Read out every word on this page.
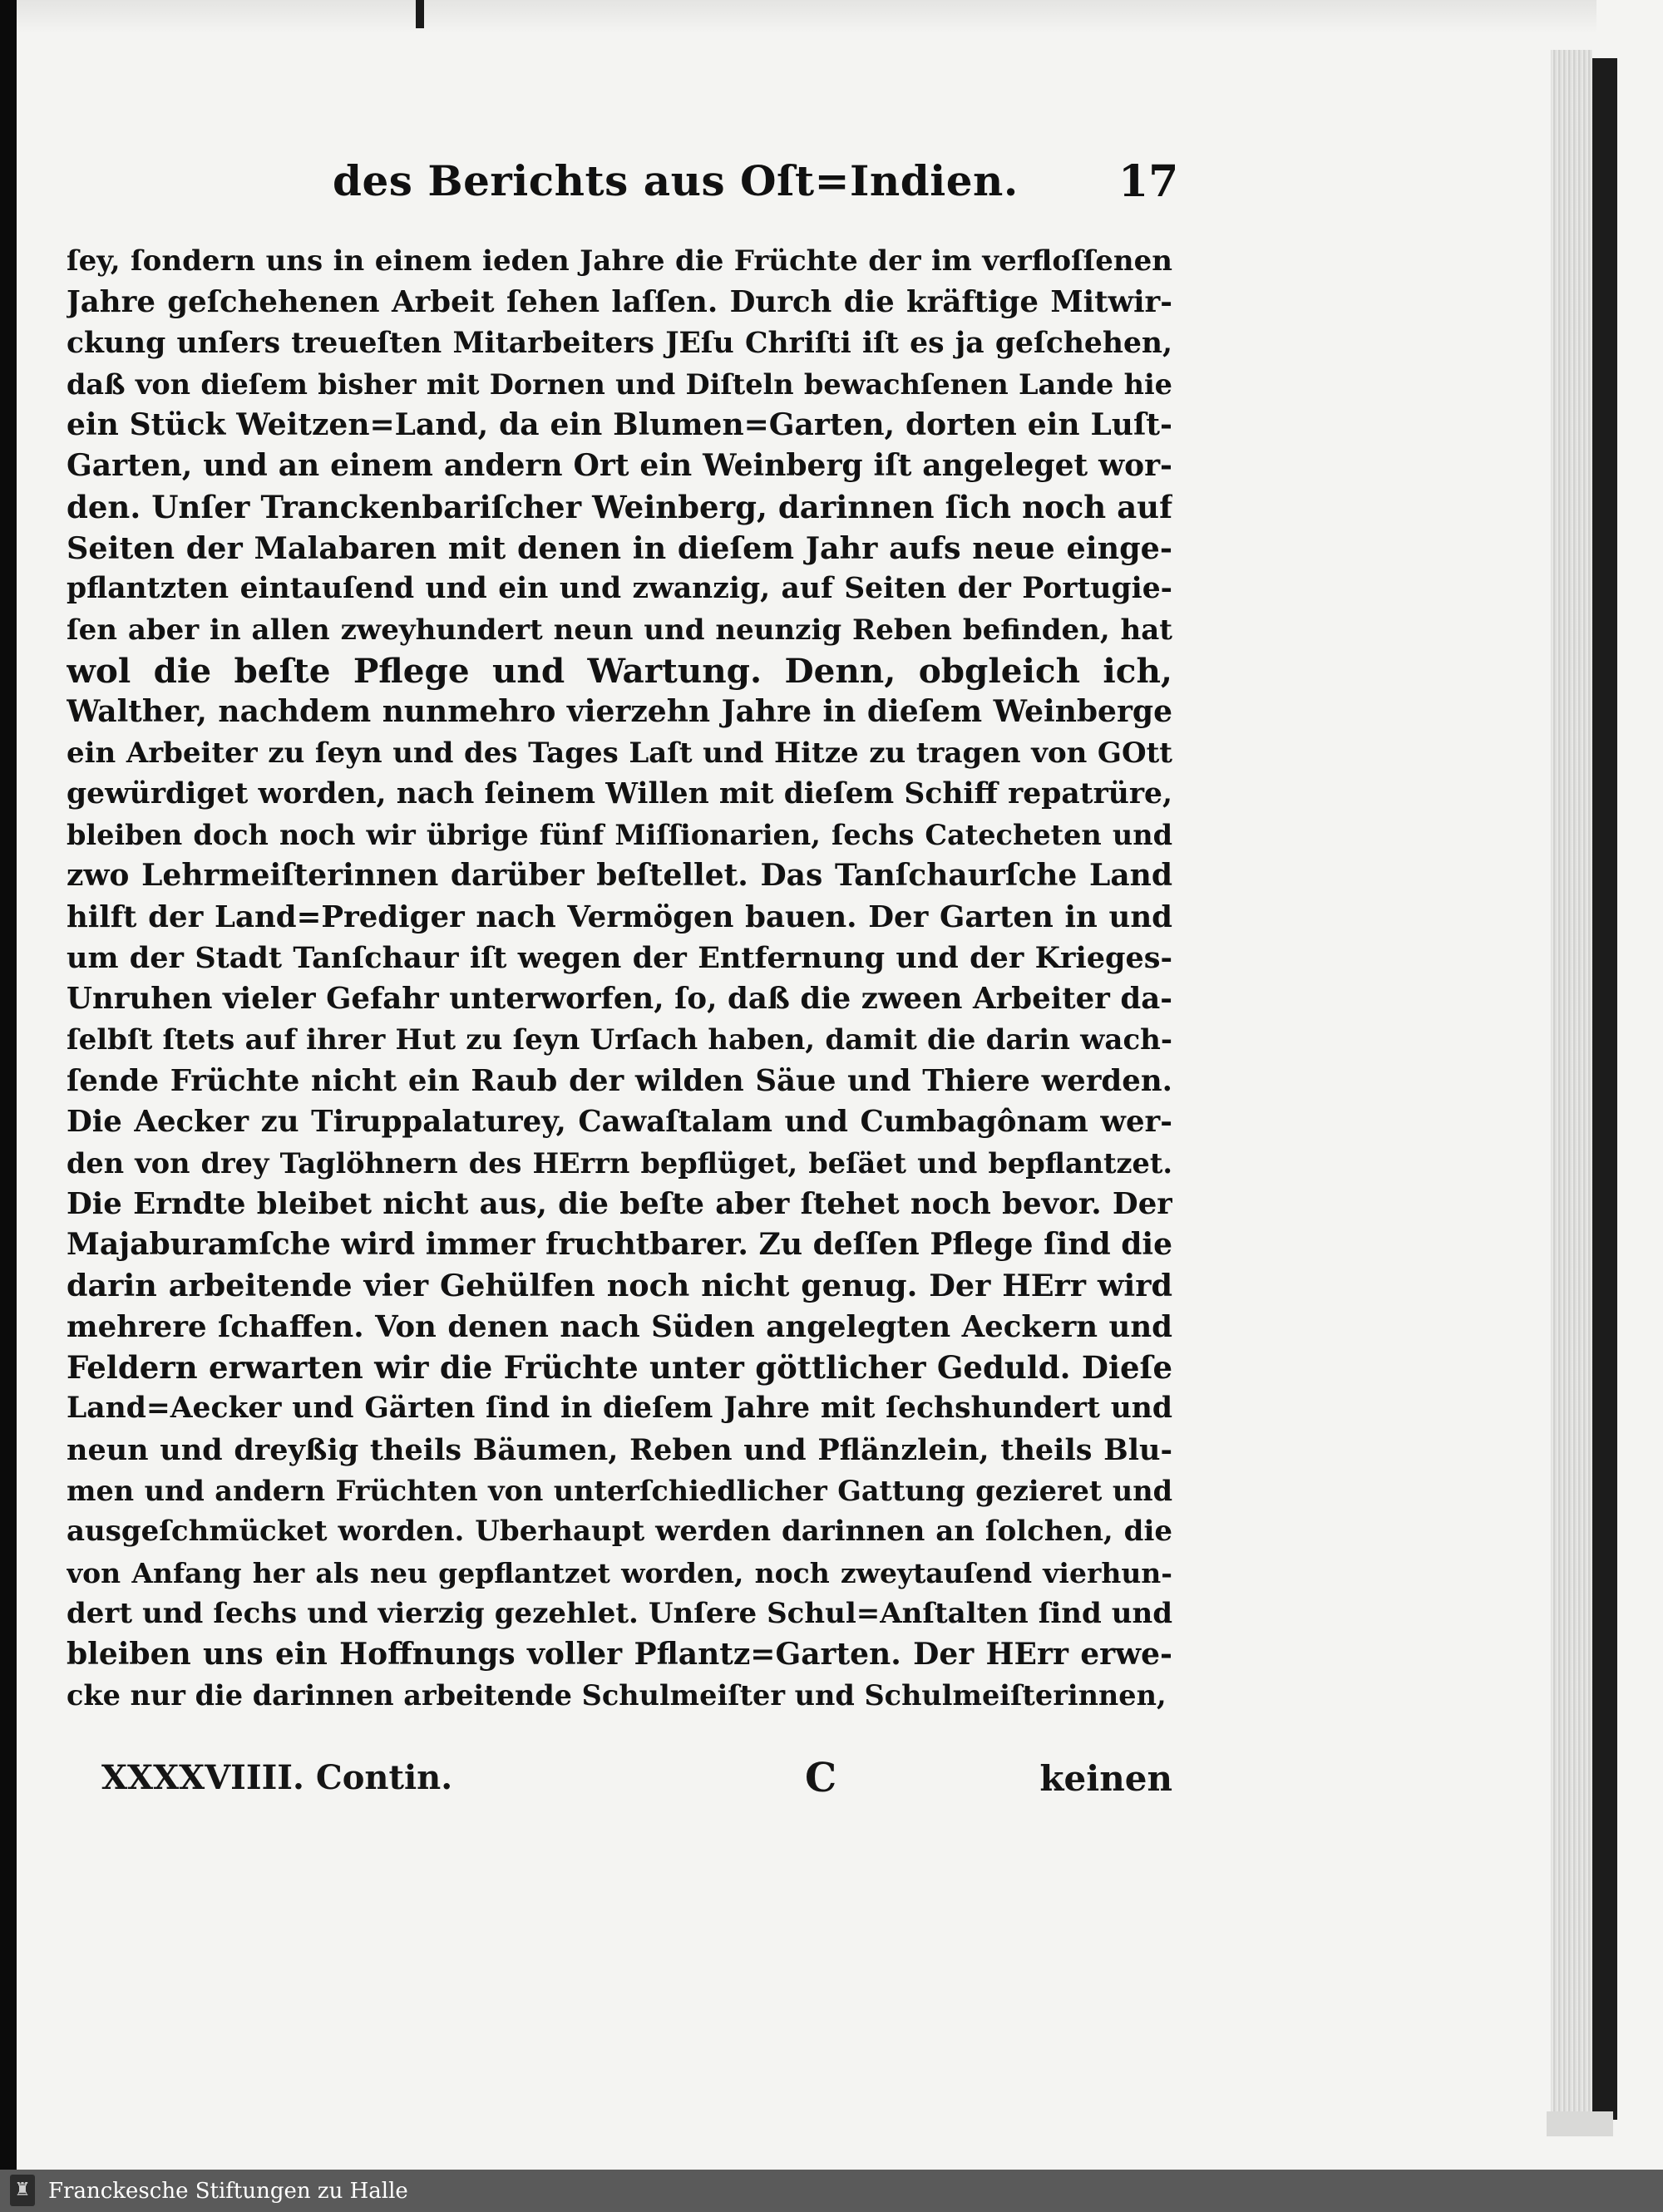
des Berichts aus Oſt=Indien. 17
ſey, ſondern uns in einem ieden Jahre die Früchte der im verfloſſenen
Jahre geſchehenen Arbeit ſehen laſſen. Durch die kräftige Mitwir-
ckung unſers treueſten Mitarbeiters JEſu Chriſti iſt es ja geſchehen,
daß von dieſem bisher mit Dornen und Diſteln bewachſenen Lande hie
ein Stück Weitzen=Land, da ein Blumen=Garten, dorten ein Luſt-
Garten, und an einem andern Ort ein Weinberg iſt angeleget wor-
den. Unſer Tranckenbariſcher Weinberg, darinnen ſich noch auf
Seiten der Malabaren mit denen in dieſem Jahr aufs neue einge-
pflantzten eintauſend und ein und zwanzig, auf Seiten der Portugie-
ſen aber in allen zweyhundert neun und neunzig Reben befinden, hat
wol die beſte Pflege und Wartung. Denn, obgleich ich,
Walther, nachdem nunmehro vierzehn Jahre in dieſem Weinberge
ein Arbeiter zu ſeyn und des Tages Laſt und Hitze zu tragen von GOtt
gewürdiget worden, nach ſeinem Willen mit dieſem Schiff repatrüre,
bleiben doch noch wir übrige fünf Miſſionarien, ſechs Catecheten und
zwo Lehrmeiſterinnen darüber beſtellet. Das Tanſchaurſche Land
hilft der Land=Prediger nach Vermögen bauen. Der Garten in und
um der Stadt Tanſchaur iſt wegen der Entfernung und der Krieges-
Unruhen vieler Gefahr unterworfen, ſo, daß die zween Arbeiter da-
ſelbſt ſtets auf ihrer Hut zu ſeyn Urſach haben, damit die darin wach-
ſende Früchte nicht ein Raub der wilden Säue und Thiere werden.
Die Aecker zu Tiruppalaturey, Cawaſtalam und Cumbagônam wer-
den von drey Taglöhnern des HErrn bepflüget, beſäet und bepflantzet.
Die Erndte bleibet nicht aus, die beſte aber ſtehet noch bevor. Der
Majaburamſche wird immer fruchtbarer. Zu deſſen Pflege ſind die
darin arbeitende vier Gehülfen noch nicht genug. Der HErr wird
mehrere ſchaffen. Von denen nach Süden angelegten Aeckern und
Feldern erwarten wir die Früchte unter göttlicher Geduld. Dieſe
Land=Aecker und Gärten ſind in dieſem Jahre mit ſechshundert und
neun und dreyßig theils Bäumen, Reben und Pflänzlein, theils Blu-
men und andern Früchten von unterſchiedlicher Gattung gezieret und
ausgeſchmücket worden. Uberhaupt werden darinnen an ſolchen, die
von Anfang her als neu gepflantzet worden, noch zweytauſend vierhun-
dert und ſechs und vierzig gezehlet. Unſere Schul=Anſtalten ſind und
bleiben uns ein Hoffnungs voller Pflantz=Garten. Der HErr erwe-
cke nur die darinnen arbeitende Schulmeiſter und Schulmeiſterinnen,
XXXXVIIII. Contin.	C	keinen
♜ Franckesche Stiftungen zu Halle
